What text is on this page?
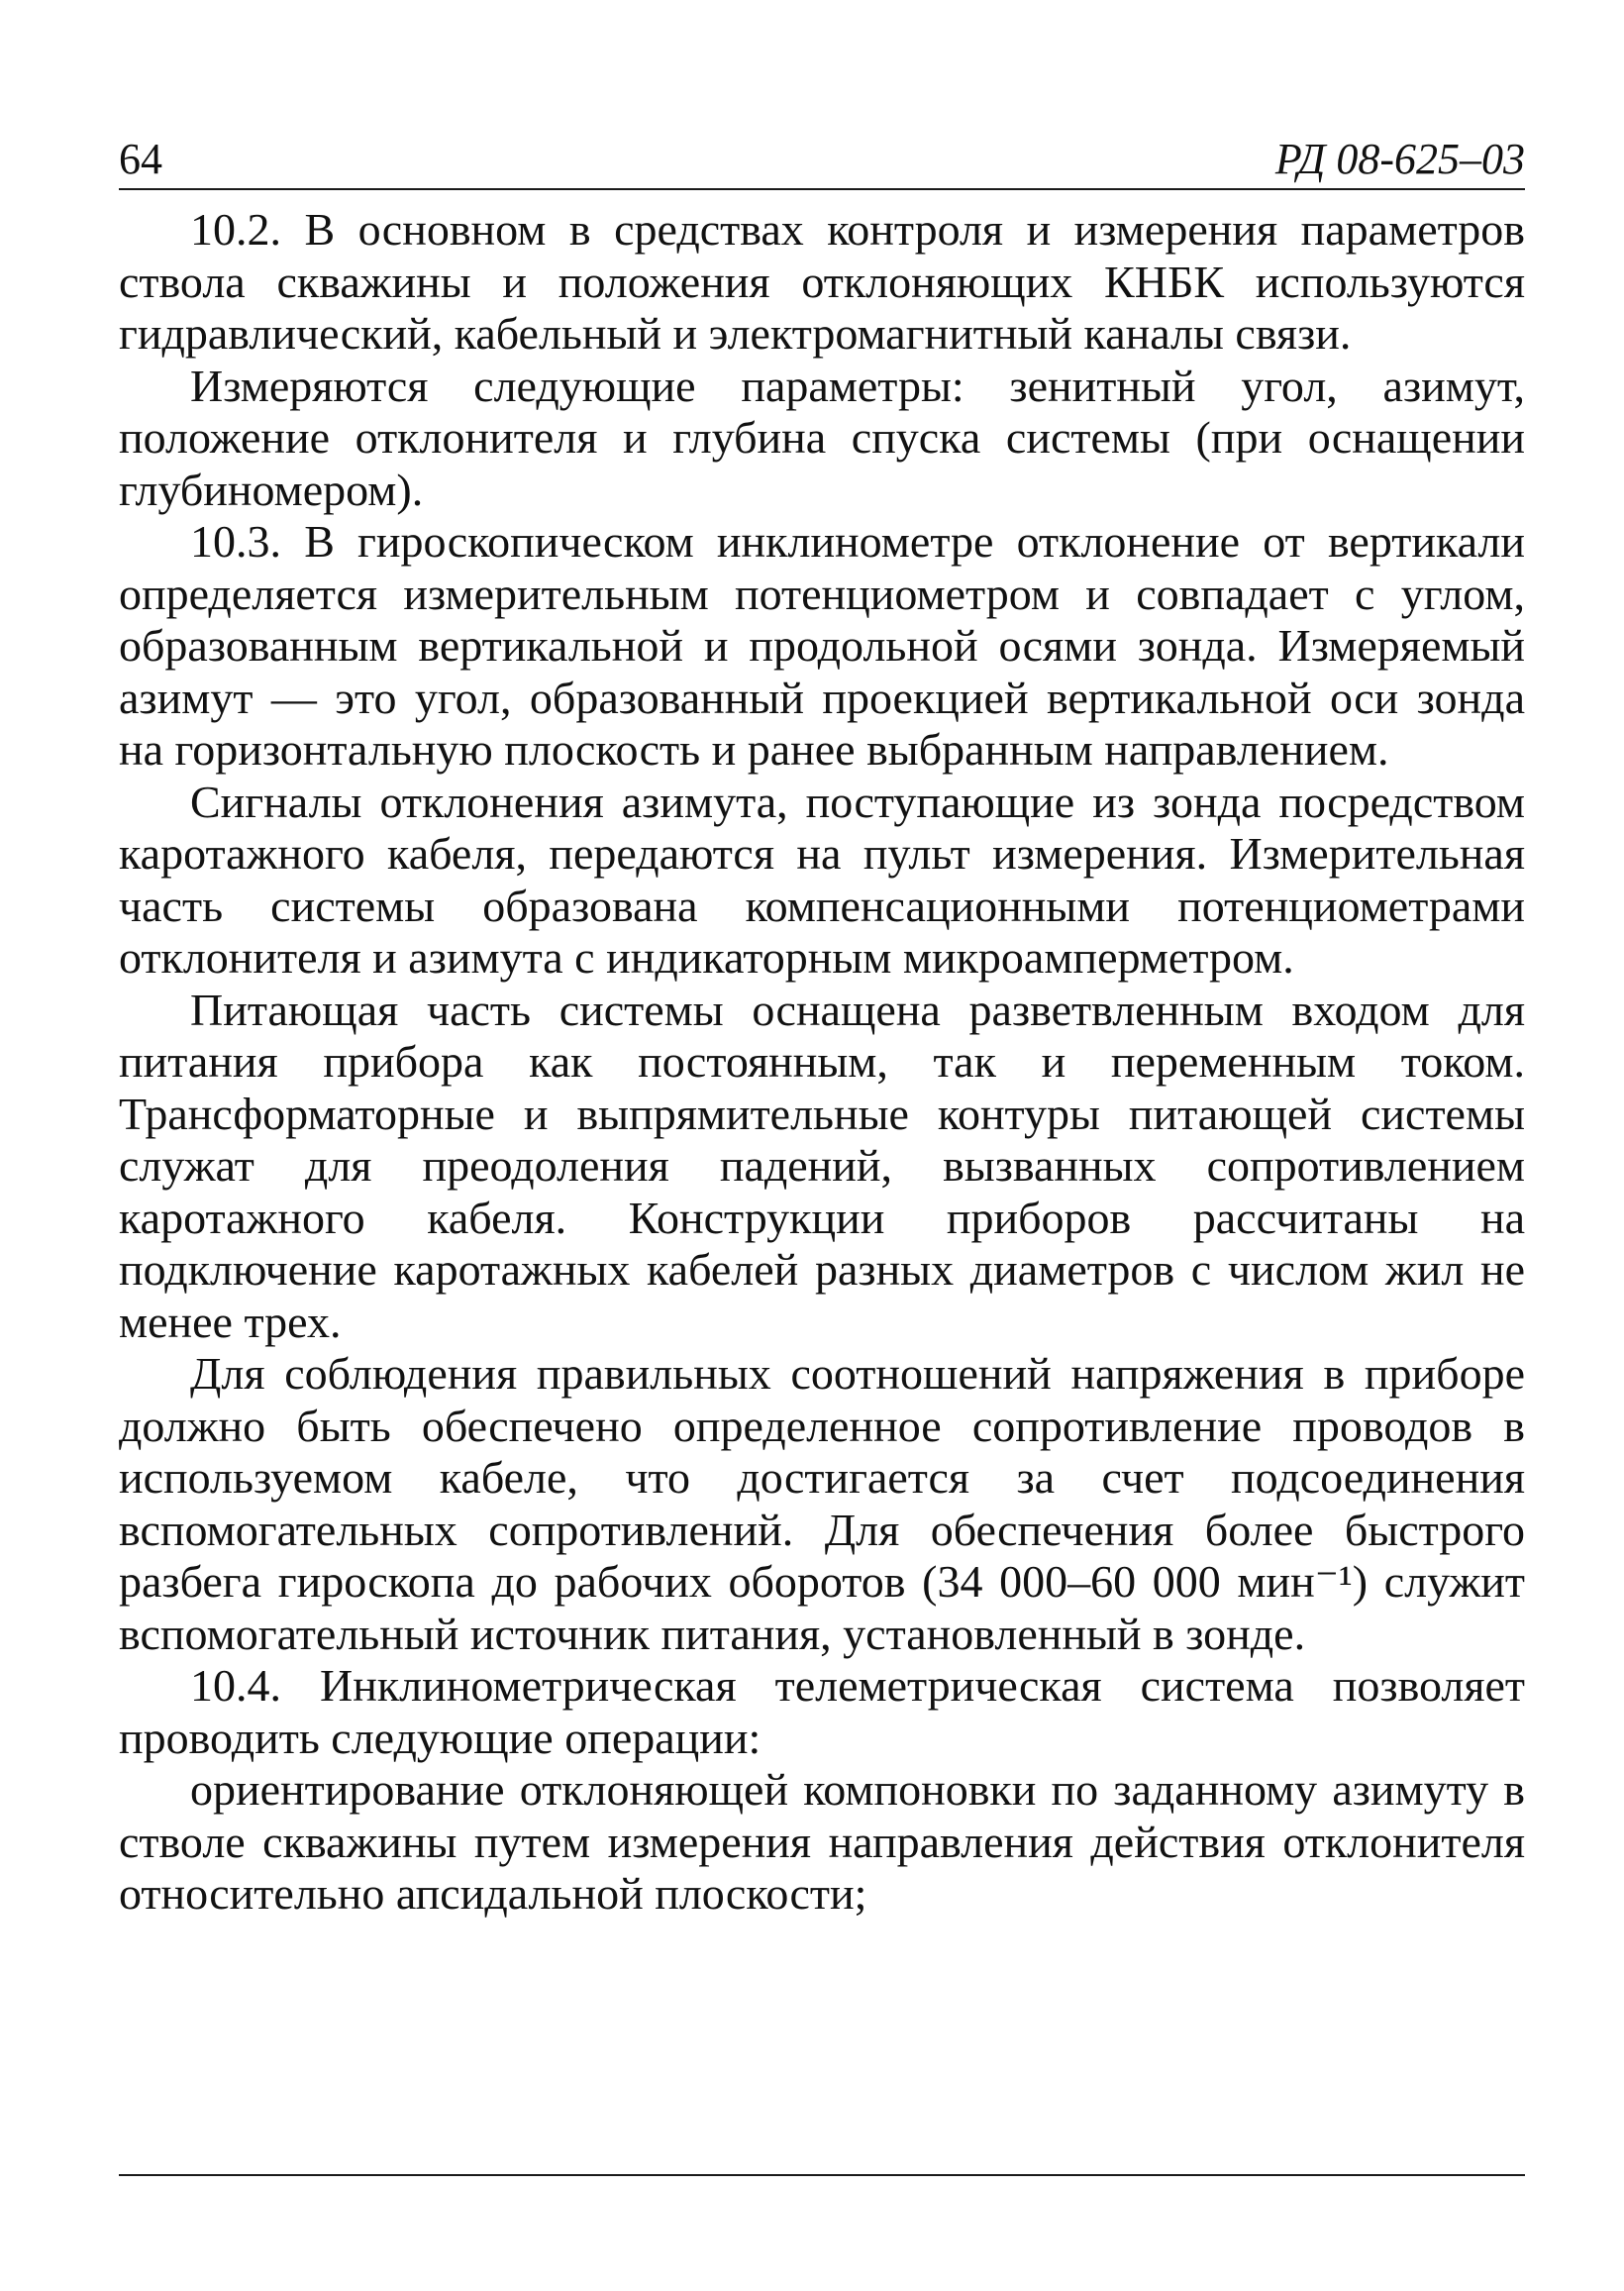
64	РД 08-625–03

10.2. В основном в средствах контроля и измерения параметров ствола скважины и положения отклоняющих КНБК используются гидравлический, кабельный и электромагнитный каналы связи.

Измеряются следующие параметры: зенитный угол, азимут, положение отклонителя и глубина спуска системы (при оснащении глубиномером).

10.3. В гироскопическом инклинометре отклонение от вертикали определяется измерительным потенциометром и совпадает с углом, образованным вертикальной и продольной осями зонда. Измеряемый азимут — это угол, образованный проекцией вертикальной оси зонда на горизонтальную плоскость и ранее выбранным направлением.

Сигналы отклонения азимута, поступающие из зонда посредством каротажного кабеля, передаются на пульт измерения. Измерительная часть системы образована компенсационными потенциометрами отклонителя и азимута с индикаторным микроамперметром.

Питающая часть системы оснащена разветвленным входом для питания прибора как постоянным, так и переменным током. Трансформаторные и выпрямительные контуры питающей системы служат для преодоления падений, вызванных сопротивлением каротажного кабеля. Конструкции приборов рассчитаны на подключение каротажных кабелей разных диаметров с числом жил не менее трех.

Для соблюдения правильных соотношений напряжения в приборе должно быть обеспечено определенное сопротивление проводов в используемом кабеле, что достигается за счет подсоединения вспомогательных сопротивлений. Для обеспечения более быстрого разбега гироскопа до рабочих оборотов (34 000–60 000 мин⁻¹) служит вспомогательный источник питания, установленный в зонде.

10.4. Инклинометрическая телеметрическая система позволяет проводить следующие операции:

ориентирование отклоняющей компоновки по заданному азимуту в стволе скважины путем измерения направления действия отклонителя относительно апсидальной плоскости;
